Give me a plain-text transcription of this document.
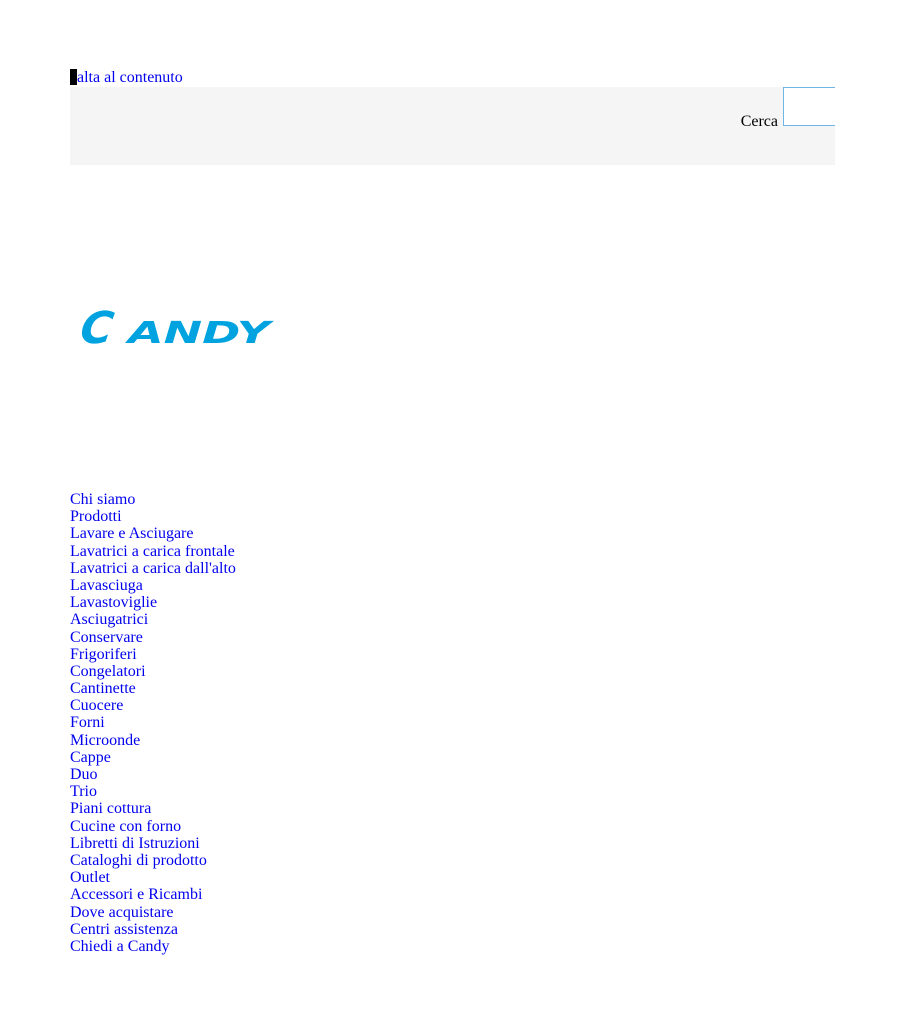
alta al contenuto
Cerca
C ANDY
Chi siamo
Prodotti
Lavare e Asciugare
Lavatrici a carica frontale
Lavatrici a carica dall'alto
Lavasciuga
Lavastoviglie
Asciugatrici
Conservare
Frigoriferi
Congelatori
Cantinette
Cuocere
Forni
Microonde
Cappe
Duo
Trio
Piani cottura
Cucine con forno
Libretti di Istruzioni
Cataloghi di prodotto
Outlet
Accessori e Ricambi
Dove acquistare
Centri assistenza
Chiedi a Candy
